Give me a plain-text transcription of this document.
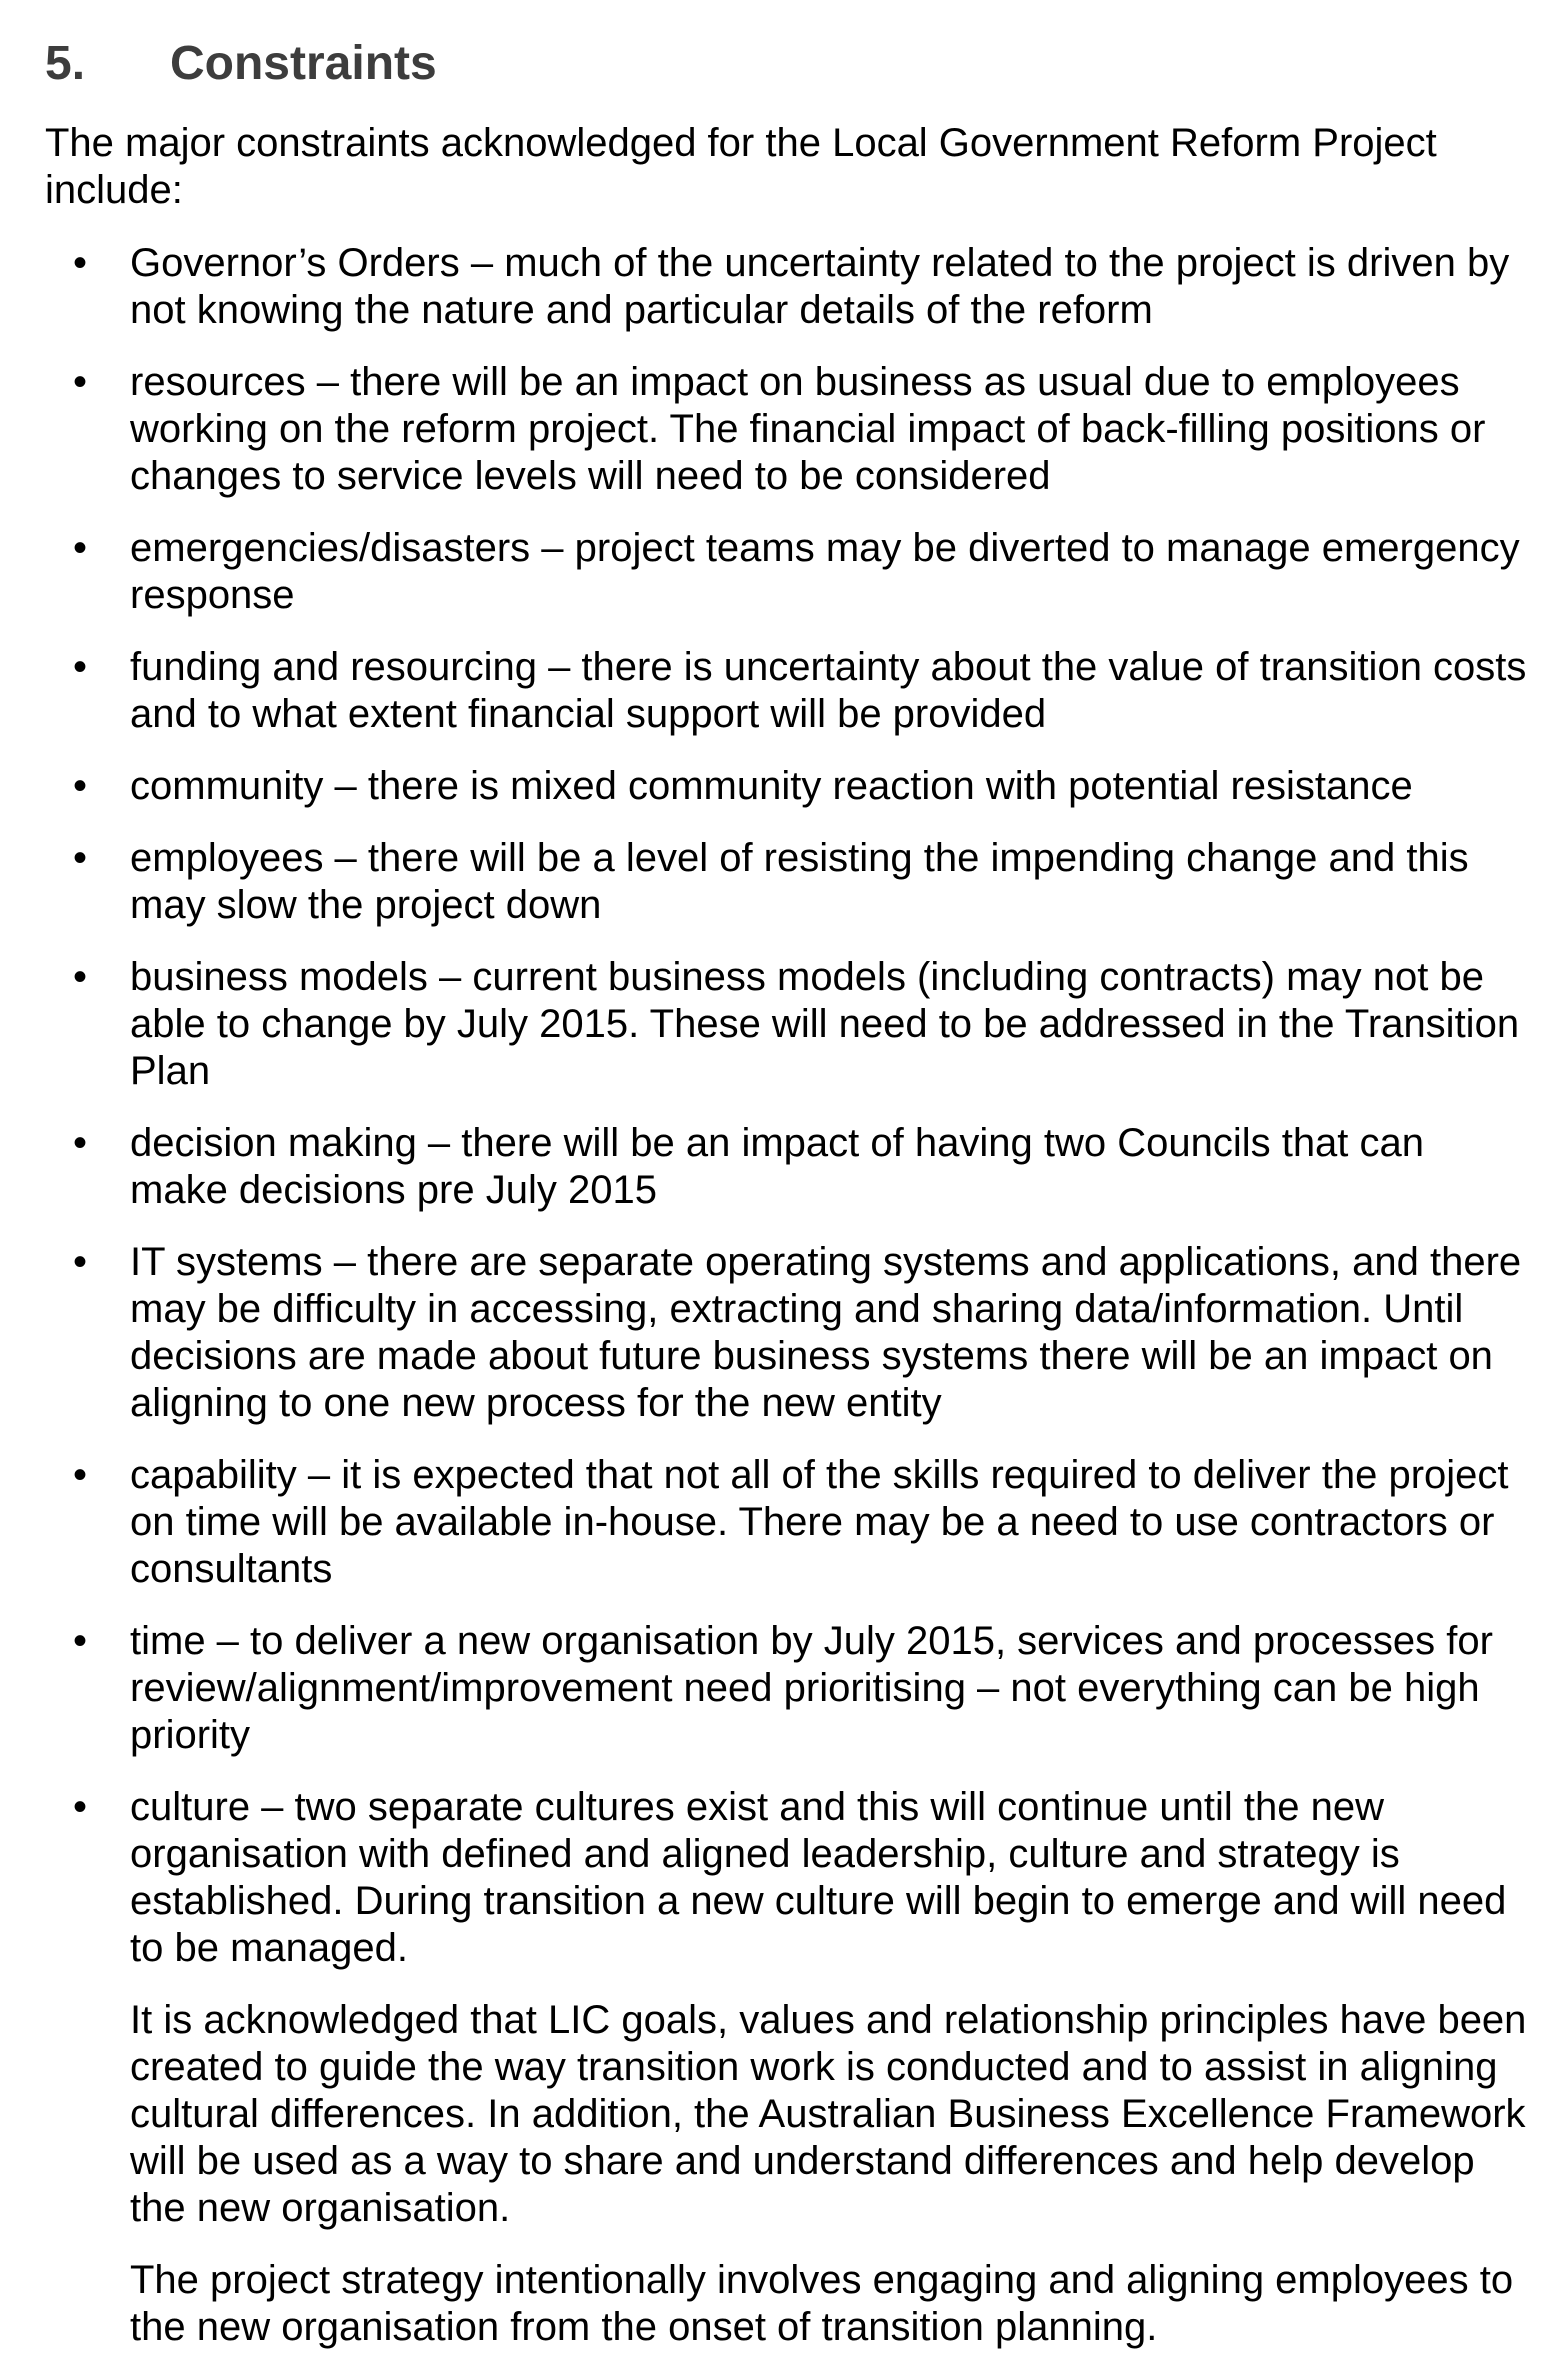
5.	Constraints

The major constraints acknowledged for the Local Government Reform Project include:

• Governor’s Orders – much of the uncertainty related to the project is driven by not knowing the nature and particular details of the reform
• resources – there will be an impact on business as usual due to employees working on the reform project. The financial impact of back-filling positions or changes to service levels will need to be considered
• emergencies/disasters – project teams may be diverted to manage emergency response
• funding and resourcing – there is uncertainty about the value of transition costs and to what extent financial support will be provided
• community – there is mixed community reaction with potential resistance
• employees – there will be a level of resisting the impending change and this may slow the project down
• business models – current business models (including contracts) may not be able to change by July 2015. These will need to be addressed in the Transition Plan
• decision making – there will be an impact of having two Councils that can make decisions pre July 2015
• IT systems – there are separate operating systems and applications, and there may be difficulty in accessing, extracting and sharing data/information. Until decisions are made about future business systems there will be an impact on aligning to one new process for the new entity
• capability – it is expected that not all of the skills required to deliver the project on time will be available in-house. There may be a need to use contractors or consultants
• time – to deliver a new organisation by July 2015, services and processes for review/alignment/improvement need prioritising – not everything can be high priority
• culture – two separate cultures exist and this will continue until the new organisation with defined and aligned leadership, culture and strategy is established. During transition a new culture will begin to emerge and will need to be managed.

It is acknowledged that LIC goals, values and relationship principles have been created to guide the way transition work is conducted and to assist in aligning cultural differences. In addition, the Australian Business Excellence Framework will be used as a way to share and understand differences and help develop the new organisation.

The project strategy intentionally involves engaging and aligning employees to the new organisation from the onset of transition planning.
